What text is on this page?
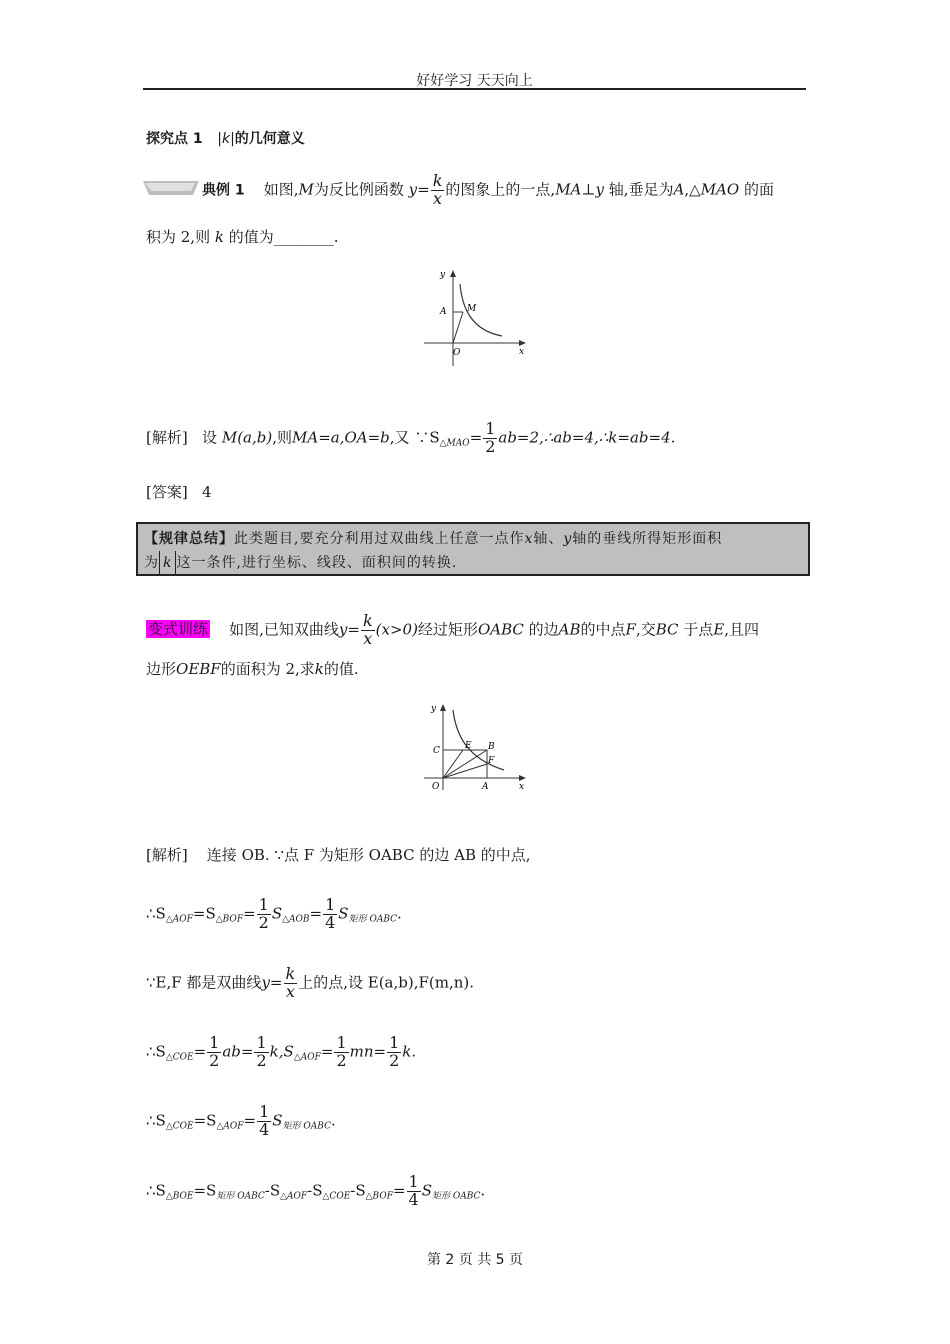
好好学习 天天向上
探究点 1 |k|的几何意义
典例 1 如图,M为反比例函数 $y= \frac{k}{x}$ 的图象上的一点,MA⊥y 轴,垂足为A,△MAO 的面
积为 2,则 k 的值为________.
y
A M
O	x
[解析] 设 M(a,b),则MA=a,OA=b,又 $\because S_{\triangle MAO}= \frac{1}{2}$ ab=2,∴ab=4,∴k=ab=4.
[答案] 4
【规律总结】此类题目,要充分利用过双曲线上任意一点作x轴、y轴的垂线所得矩形面积
为 k 这一条件,进行坐标、线段、面积间的转换.
变式训练 如图,已知双曲线$y= \frac{k}{x} (x>0)$经过矩形OABC 的边AB的中点F,交BC 于点E,且四
边形OEBF的面积为 2,求k的值.
y
C	E B
F
O	A	x
[解析] 连接 OB. ∵点 F 为矩形 OABC 的边 AB 的中点,
$\therefore S_{\triangle AOF}=S_{\triangle BOF}= \frac{1}{2} S_{\triangle AOB}= \frac{1}{4} S_{矩形 OABC}$.
∵E,F 都是双曲线$y= \frac{k}{x}$ 上的点,设 E(a,b),F(m,n).
$\therefore S_{\triangle COE}= \frac{1}{2} ab= \frac{1}{2} k,S_{\triangle AOF}= \frac{1}{2} mn= \frac{1}{2} k$.
$\therefore S_{\triangle COE}=S_{\triangle AOF}= \frac{1}{4} S_{矩形 OABC}$.
$\therefore S_{\triangle BOE}=S_{矩形 OABC}-S_{\triangle AOF}-S_{\triangle COE}-S_{\triangle BOF}= \frac{1}{4} S_{矩形 OABC}$.
第 2 页 共 5 页
